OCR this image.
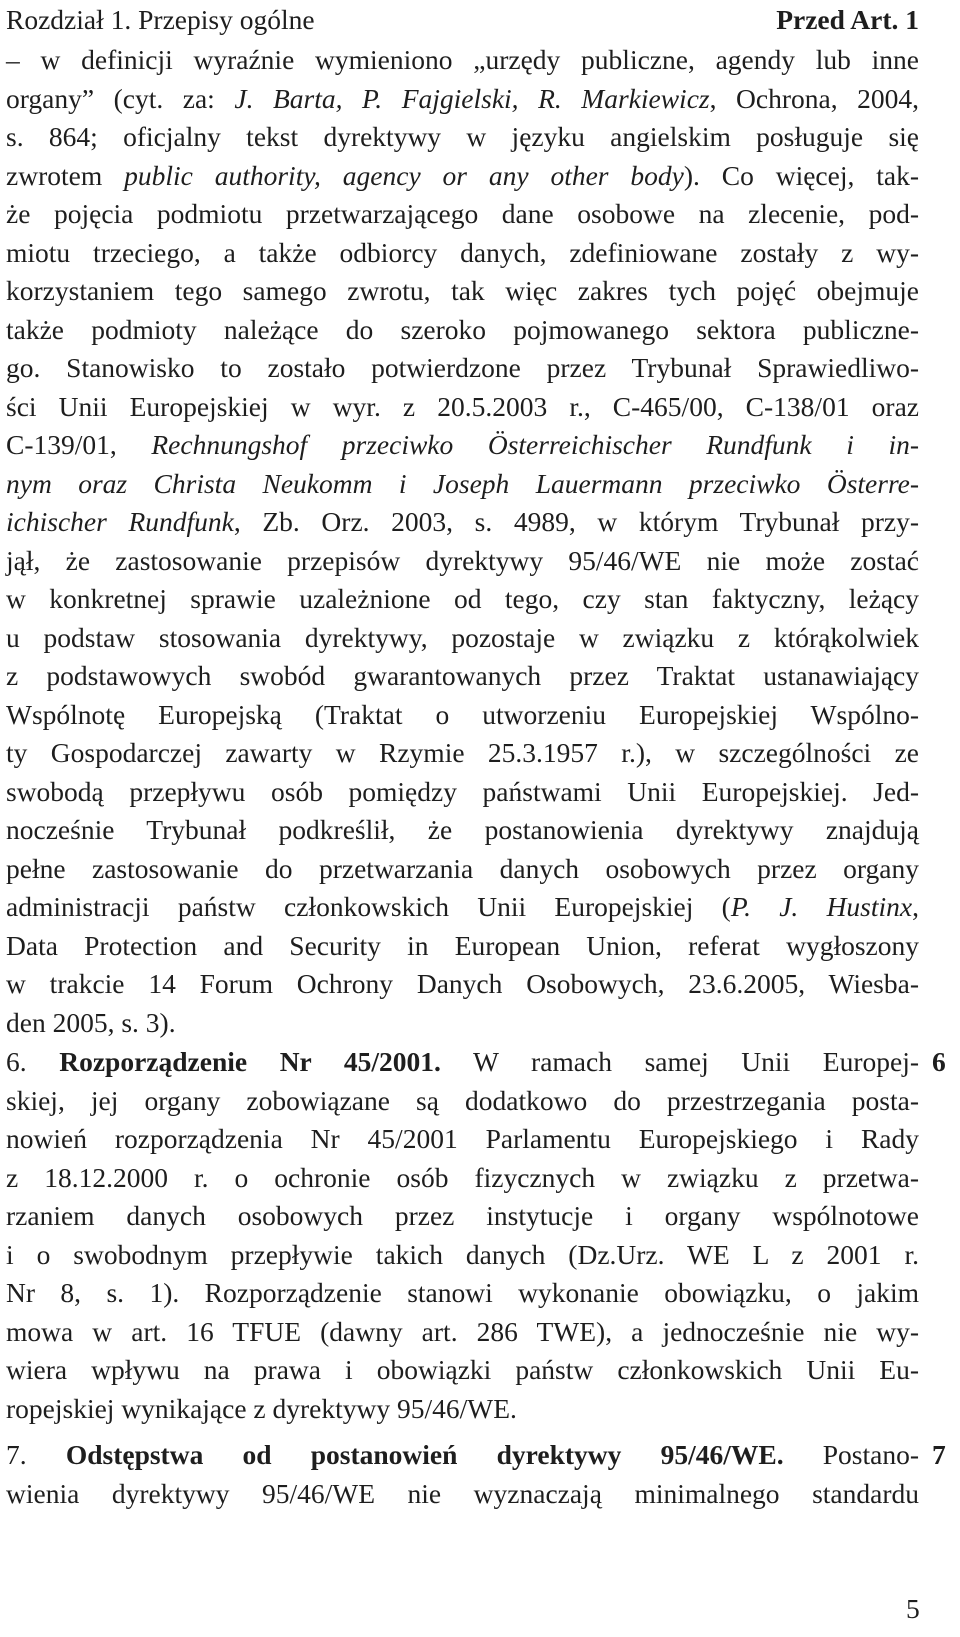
Rozdział 1. Przepisy ogólne	Przed Art. 1
– w definicji wyraźnie wymieniono „urzędy publiczne, agendy lub inne
organy” (cyt. za: J. Barta, P. Fajgielski, R. Markiewicz, Ochrona, 2004,
s. 864; oficjalny tekst dyrektywy w języku angielskim posługuje się
zwrotem public authority, agency or any other body). Co więcej, tak-
że pojęcia podmiotu przetwarzającego dane osobowe na zlecenie, pod-
miotu trzeciego, a także odbiorcy danych, zdefiniowane zostały z wy-
korzystaniem tego samego zwrotu, tak więc zakres tych pojęć obejmuje
także podmioty należące do szeroko pojmowanego sektora publiczne-
go. Stanowisko to zostało potwierdzone przez Trybunał Sprawiedliwo-
ści Unii Europejskiej w wyr. z 20.5.2003 r., C-465/00, C-138/01 oraz
C-139/01, Rechnungshof przeciwko Österreichischer Rundfunk i in-
nym oraz Christa Neukomm i Joseph Lauermann przeciwko Österre-
ichischer Rundfunk, Zb. Orz. 2003, s. 4989, w którym Trybunał przy-
jął, że zastosowanie przepisów dyrektywy 95/46/WE nie może zostać
w konkretnej sprawie uzależnione od tego, czy stan faktyczny, leżący
u podstaw stosowania dyrektywy, pozostaje w związku z którąkolwiek
z podstawowych swobód gwarantowanych przez Traktat ustanawiający
Wspólnotę Europejską (Traktat o utworzeniu Europejskiej Wspólno-
ty Gospodarczej zawarty w Rzymie 25.3.1957 r.), w szczególności ze
swobodą przepływu osób pomiędzy państwami Unii Europejskiej. Jed-
nocześnie Trybunał podkreślił, że postanowienia dyrektywy znajdują
pełne zastosowanie do przetwarzania danych osobowych przez organy
administracji państw członkowskich Unii Europejskiej (P. J. Hustinx,
Data Protection and Security in European Union, referat wygłoszony
w trakcie 14 Forum Ochrony Danych Osobowych, 23.6.2005, Wiesba-
den 2005, s. 3).
6. Rozporządzenie Nr 45/2001. W ramach samej Unii Europej-
skiej, jej organy zobowiązane są dodatkowo do przestrzegania posta-
nowień rozporządzenia Nr 45/2001 Parlamentu Europejskiego i Rady
z 18.12.2000 r. o ochronie osób fizycznych w związku z przetwa-
rzaniem danych osobowych przez instytucje i organy wspólnotowe
i o swobodnym przepływie takich danych (Dz.Urz. WE L z 2001 r.
Nr 8, s. 1). Rozporządzenie stanowi wykonanie obowiązku, o jakim
mowa w art. 16 TFUE (dawny art. 286 TWE), a jednocześnie nie wy-
wiera wpływu na prawa i obowiązki państw członkowskich Unii Eu-
ropejskiej wynikające z dyrektywy 95/46/WE.
6
7. Odstępstwa od postanowień dyrektywy 95/46/WE. Postano-
wienia dyrektywy 95/46/WE nie wyznaczają minimalnego standardu
7
5
